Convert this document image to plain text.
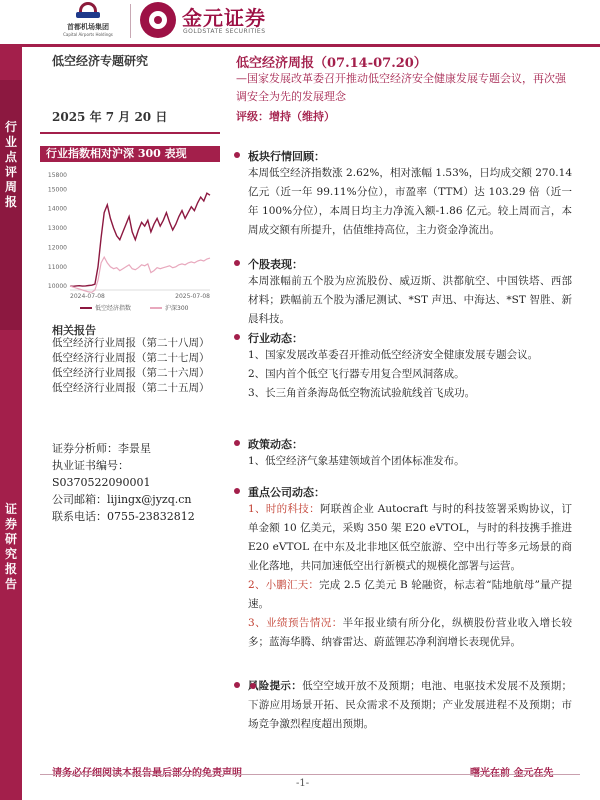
首都机场集团
Capital Airports Holdings
金元证券
GOLDSTATE SECURITIES
行
业
点
评
周
报
证
券
研
究
报
告
低空经济专题研究
2025 年 7 月 20 日
行业指数相对沪深 300 表现
15800
10000
11000
12000
13000
14000
15000
2024-07-08	2025-07-08
低空经济指数	沪深300
相关报告
低空经济行业周报（第二十八周）
低空经济行业周报（第二十七周）
低空经济行业周报（第二十六周）
低空经济行业周报（第二十五周）
证券分析师：李景星
执业证书编号：
S0370522090001
公司邮箱：lijingx@jyzq.cn
联系电话：0755-23832812
低空经济周报（07.14-07.20）
—国家发展改革委召开推动低空经济安全健康发展专题会议，再次强调安全为先的发展理念
评级：增持（维持）
板块行情回顾：
本周低空经济指数涨 2.62%，相对涨幅 1.53%，日均成交额 270.14 亿元（近一年 99.11%分位），市盈率（TTM）达 103.29 倍（近一年 100%分位），本周日均主力净流入额-1.86 亿元。较上周而言，本周成交额有所提升，估值维持高位，主力资金净流出。
个股表现：
本周涨幅前五个股为应流股份、威迈斯、洪都航空、中国铁塔、西部材料；跌幅前五个股为潘尼测试、*ST 声迅、中海达、*ST 智胜、新晨科技。
行业动态：
1、国家发展改革委召开推动低空经济安全健康发展专题会议。
2、国内首个低空飞行器专用复合型风洞落成。
3、长三角首条海岛低空物流试验航线首飞成功。
政策动态：
1、低空经济气象基建领域首个团体标准发布。
重点公司动态：
1、时的科技：阿联酋企业 Autocraft 与时的科技签署采购协议，订单金额 10 亿美元，采购 350 架 E20 eVTOL，与时的科技携手推进 E20 eVTOL 在中东及北非地区低空旅游、空中出行等多元场景的商业化落地，共同加速低空出行新模式的规模化部署与运营。
2、小鹏汇天：完成 2.5 亿美元 B 轮融资，标志着“陆地航母”量产提速。
3、业绩预告情况：半年报业绩有所分化，纵横股份营业收入增长较多；蓝海华腾、纳睿雷达、蔚蓝锂芯净利润增长表现优异。
风险提示：低空空域开放不及预期；电池、电驱技术发展不及预期；下游应用场景开拓、民众需求不及预期；产业发展进程不及预期；市场竞争激烈程度超出预期。
-1-
